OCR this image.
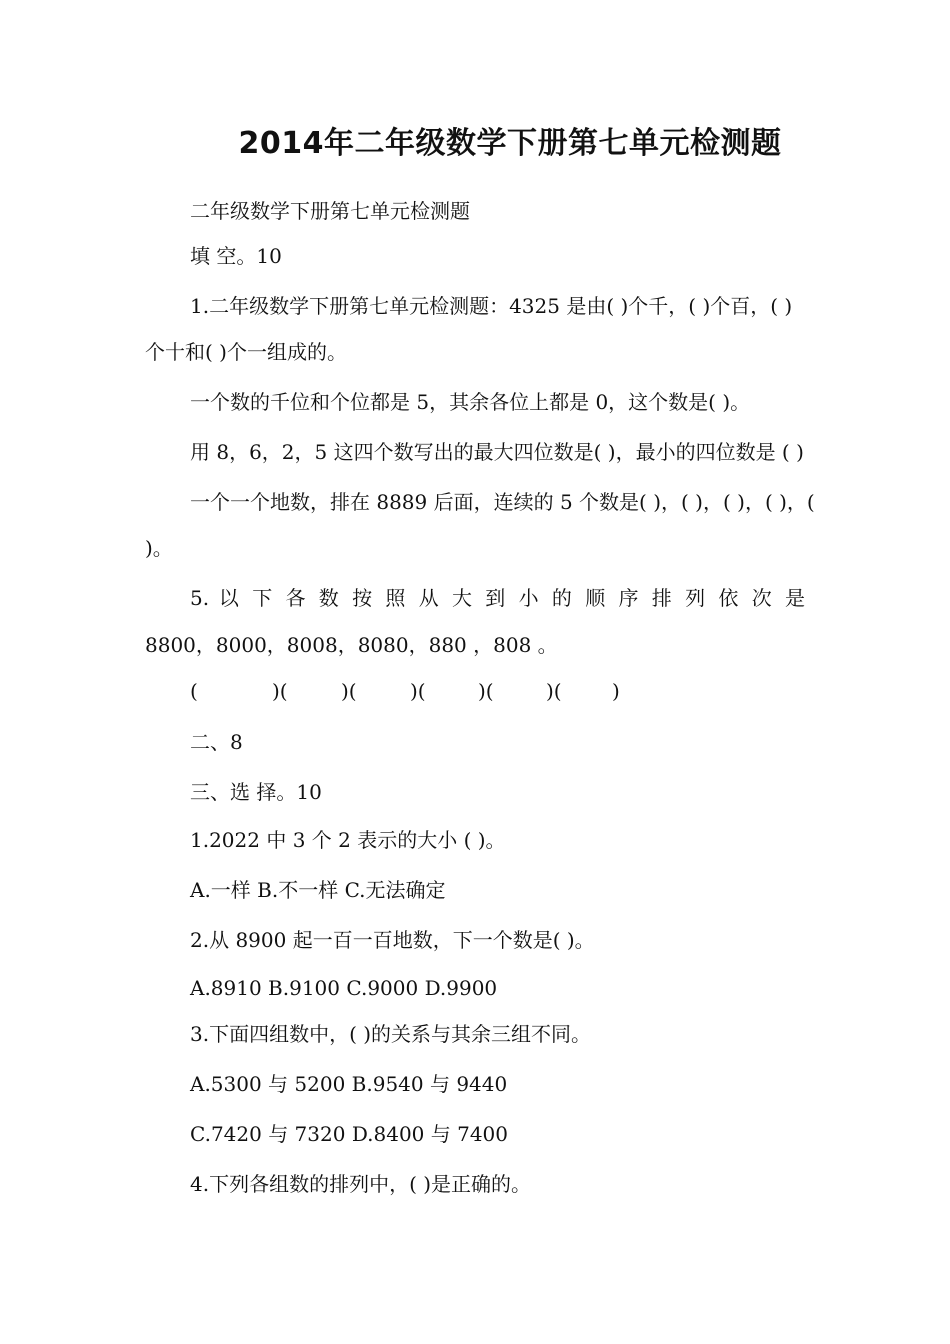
2014年二年级数学下册第七单元检测题
二年级数学下册第七单元检测题
填 空。10
1.二年级数学下册第七单元检测题：4325 是由( )个千，( )个百，( )
个十和( )个一组成的。
一个数的千位和个位都是 5，其余各位上都是 0，这个数是( )。
用 8，6，2，5 这四个数写出的最大四位数是( )，最小的四位数是 ( )
一个一个地数，排在 8889 后面，连续的 5 个数是( )，( )，( )，( )，(
)。
5. 以 下 各 数 按 照 从 大 到 小 的 顺 序 排 列 依 次 是
8800，8000，8008，8080，880 ，808 。
(	)(	)(	)(	)(	)(	)
二、8
三、选 择。10
1.2022 中 3 个 2 表示的大小 ( )。
A.一样 B.不一样 C.无法确定
2.从 8900 起一百一百地数，下一个数是( )。
A.8910 B.9100 C.9000 D.9900
3.下面四组数中，( )的关系与其余三组不同。
A.5300 与 5200 B.9540 与 9440
C.7420 与 7320 D.8400 与 7400
4.下列各组数的排列中，( )是正确的。
